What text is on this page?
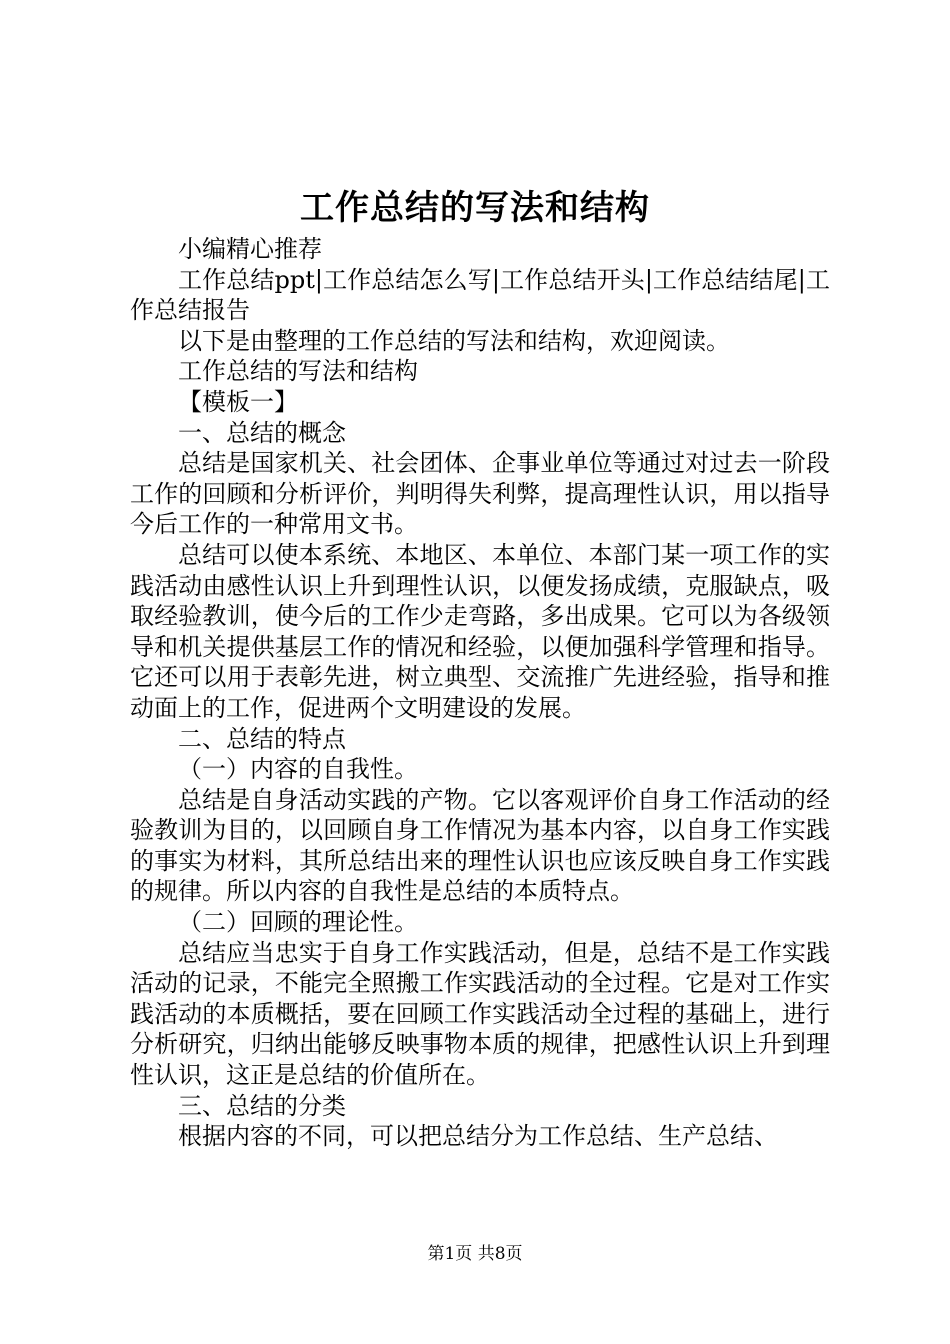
工作总结的写法和结构

小编精心推荐

工作总结ppt|工作总结怎么写|工作总结开头|工作总结结尾|工作总结报告

以下是由整理的工作总结的写法和结构，欢迎阅读。

工作总结的写法和结构

【模板一】

一、总结的概念

总结是国家机关、社会团体、企事业单位等通过对过去一阶段工作的回顾和分析评价，判明得失利弊，提高理性认识，用以指导今后工作的一种常用文书。

总结可以使本系统、本地区、本单位、本部门某一项工作的实践活动由感性认识上升到理性认识，以便发扬成绩，克服缺点，吸取经验教训，使今后的工作少走弯路，多出成果。它可以为各级领导和机关提供基层工作的情况和经验，以便加强科学管理和指导。它还可以用于表彰先进，树立典型、交流推广先进经验，指导和推动面上的工作，促进两个文明建设的发展。

二、总结的特点

（一）内容的自我性。

总结是自身活动实践的产物。它以客观评价自身工作活动的经验教训为目的，以回顾自身工作情况为基本内容，以自身工作实践的事实为材料，其所总结出来的理性认识也应该反映自身工作实践的规律。所以内容的自我性是总结的本质特点。

（二）回顾的理论性。

总结应当忠实于自身工作实践活动，但是，总结不是工作实践活动的记录，不能完全照搬工作实践活动的全过程。它是对工作实践活动的本质概括，要在回顾工作实践活动全过程的基础上，进行分析研究，归纳出能够反映事物本质的规律，把感性认识上升到理性认识，这正是总结的价值所在。

三、总结的分类

根据内容的不同，可以把总结分为工作总结、生产总结、

第1页 共8页
